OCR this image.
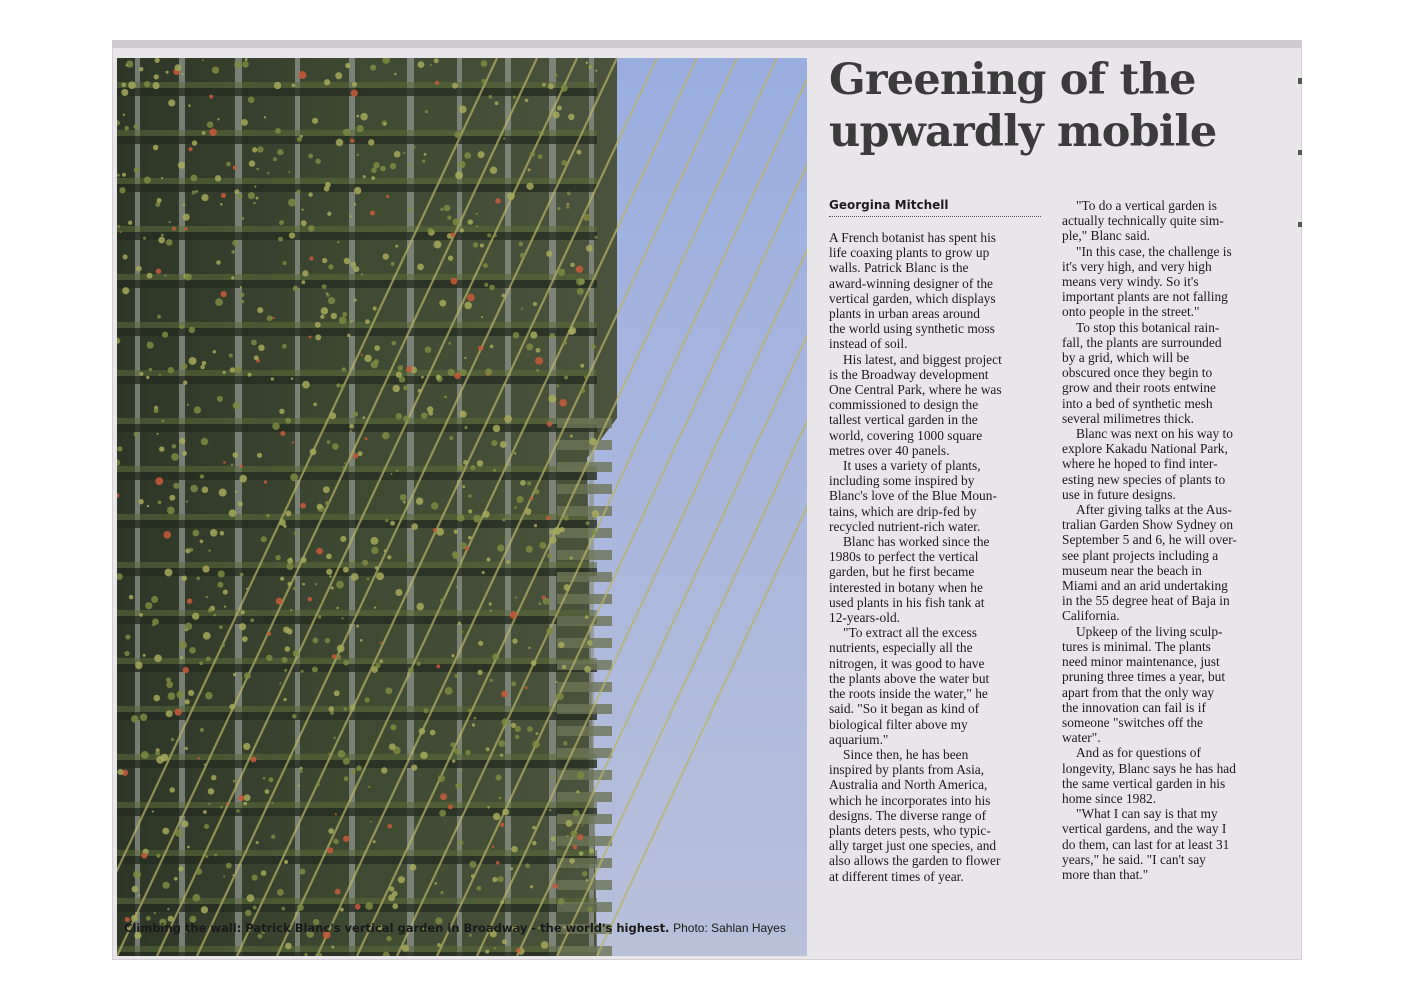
Climbing the wall: Patrick Blanc's vertical garden in Broadway - the world's highest. Photo: Sahlan Hayes
Greening of the
upwardly mobile
Georgina Mitchell

A French botanist has spent his
life coaxing plants to grow up
walls. Patrick Blanc is the
award-winning designer of the
vertical garden, which displays
plants in urban areas around
the world using synthetic moss
instead of soil.

His latest, and biggest project
is the Broadway development
One Central Park, where he was
commissioned to design the
tallest vertical garden in the
world, covering 1000 square
metres over 40 panels.

It uses a variety of plants,
including some inspired by
Blanc's love of the Blue Moun-
tains, which are drip-fed by
recycled nutrient-rich water.

Blanc has worked since the
1980s to perfect the vertical
garden, but he first became
interested in botany when he
used plants in his fish tank at
12-years-old.

"To extract all the excess
nutrients, especially all the
nitrogen, it was good to have
the plants above the water but
the roots inside the water," he
said. "So it began as kind of
biological filter above my
aquarium."

Since then, he has been
inspired by plants from Asia,
Australia and North America,
which he incorporates into his
designs. The diverse range of
plants deters pests, who typic-
ally target just one species, and
also allows the garden to flower
at different times of year.

"To do a vertical garden is
actually technically quite sim-
ple," Blanc said.

"In this case, the challenge is
it's very high, and very high
means very windy. So it's
important plants are not falling
onto people in the street."

To stop this botanical rain-
fall, the plants are surrounded
by a grid, which will be
obscured once they begin to
grow and their roots entwine
into a bed of synthetic mesh
several milimetres thick.

Blanc was next on his way to
explore Kakadu National Park,
where he hoped to find inter-
esting new species of plants to
use in future designs.

After giving talks at the Aus-
tralian Garden Show Sydney on
September 5 and 6, he will over-
see plant projects including a
museum near the beach in
Miami and an arid undertaking
in the 55 degree heat of Baja in
California.

Upkeep of the living sculp-
tures is minimal. The plants
need minor maintenance, just
pruning three times a year, but
apart from that the only way
the innovation can fail is if
someone "switches off the
water".

And as for questions of
longevity, Blanc says he has had
the same vertical garden in his
home since 1982.

"What I can say is that my
vertical gardens, and the way I
do them, can last for at least 31
years," he said. "I can't say
more than that."
